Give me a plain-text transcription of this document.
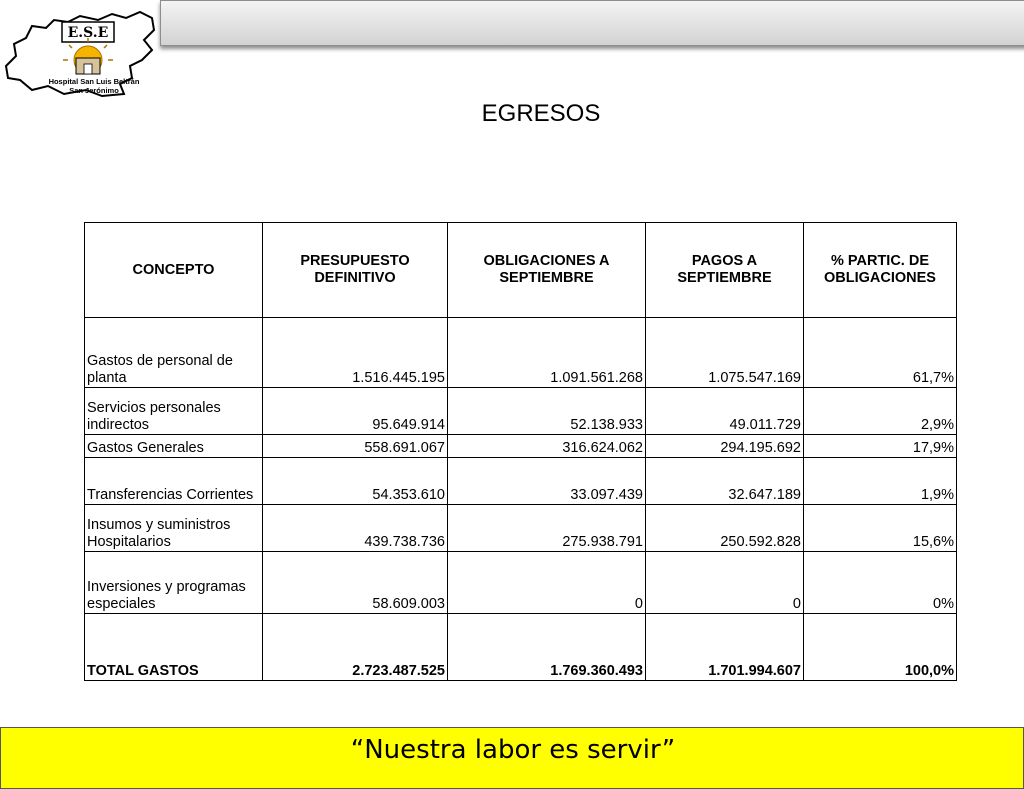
E.S.E
Hospital San Luis Beltrán
San Jerónimo
EGRESOS
CONCEPTO	PRESUPUESTO DEFINITIVO	OBLIGACIONES A SEPTIEMBRE	PAGOS A SEPTIEMBRE	% PARTIC. DE OBLIGACIONES
Gastos de personal de planta	1.516.445.195	1.091.561.268	1.075.547.169	61,7%
Servicios personales indirectos	95.649.914	52.138.933	49.011.729	2,9%
Gastos Generales	558.691.067	316.624.062	294.195.692	17,9%
Transferencias Corrientes	54.353.610	33.097.439	32.647.189	1,9%
Insumos y suministros Hospitalarios	439.738.736	275.938.791	250.592.828	15,6%
Inversiones y programas especiales	58.609.003	0	0	0%
TOTAL GASTOS	2.723.487.525	1.769.360.493	1.701.994.607	100,0%
“Nuestra labor es servir”
